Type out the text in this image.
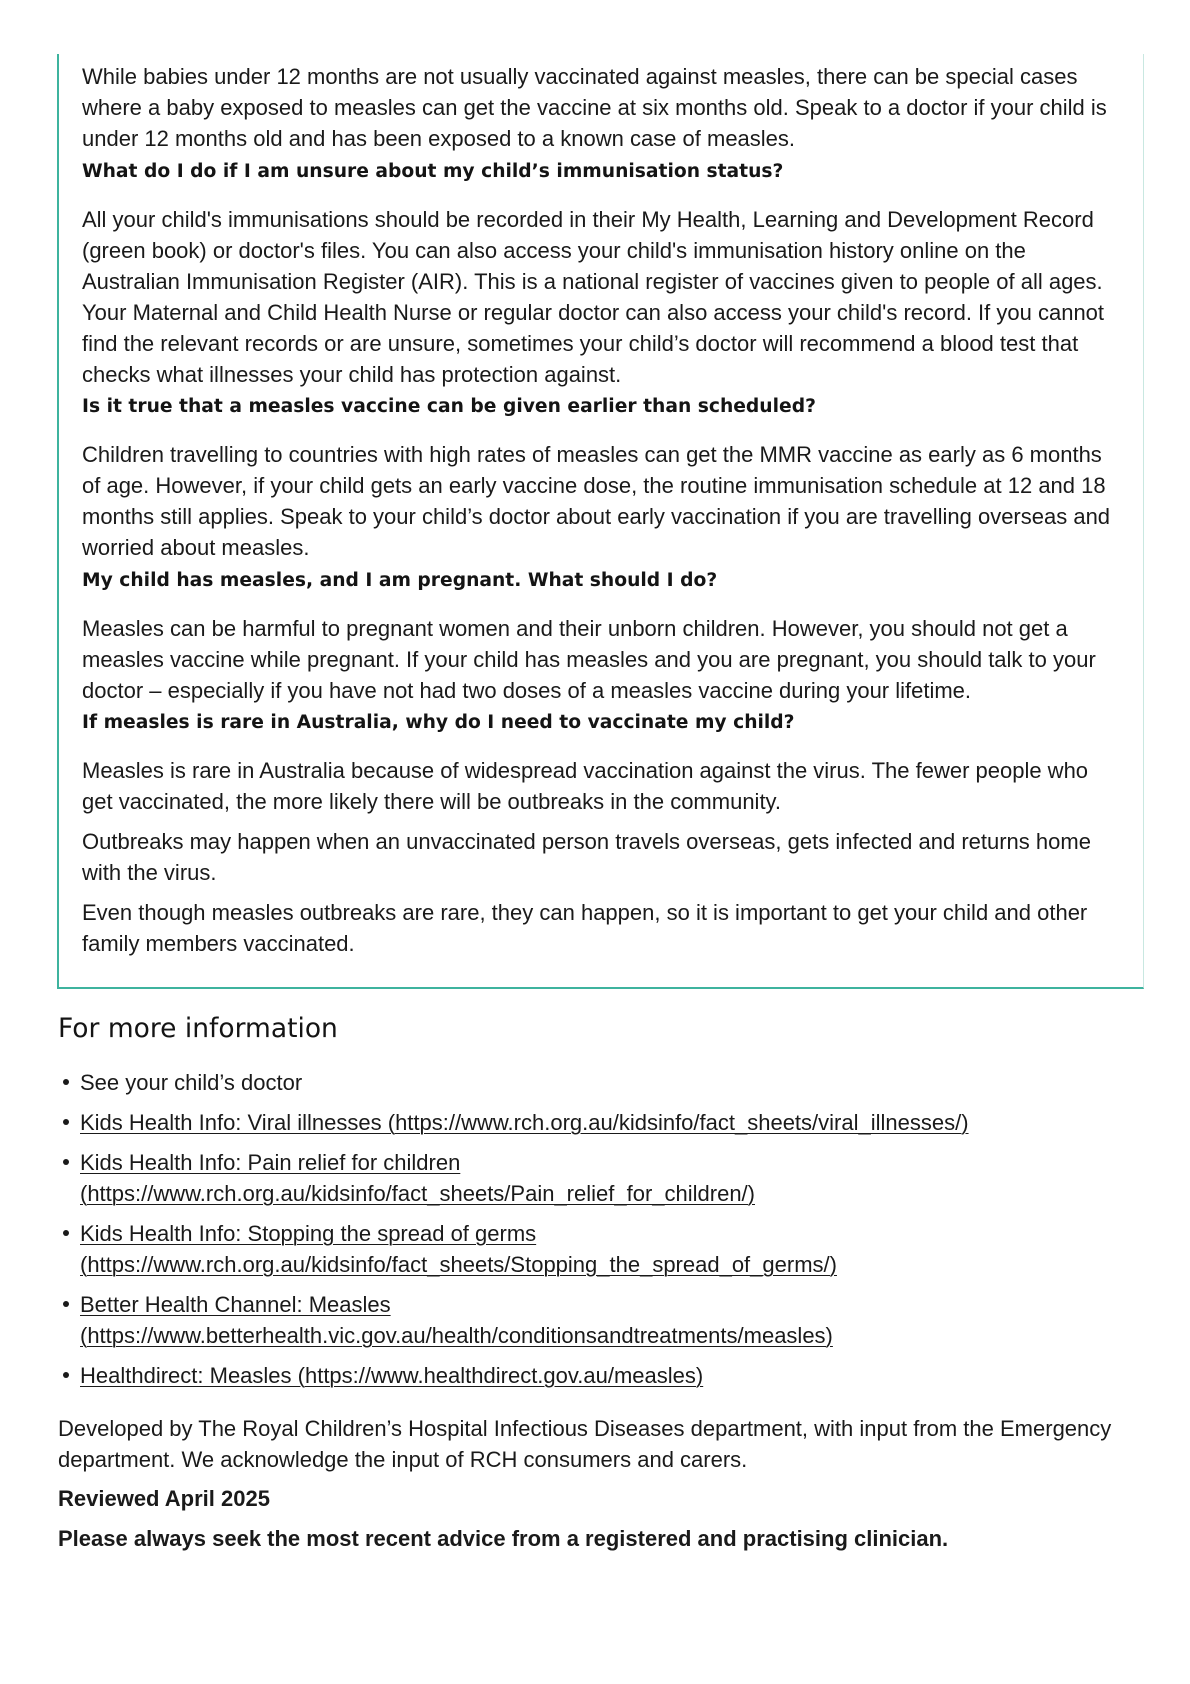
While babies under 12 months are not usually vaccinated against measles, there can be special cases
where a baby exposed to measles can get the vaccine at six months old. Speak to a doctor if your child is
under 12 months old and has been exposed to a known case of measles.

What do I do if I am unsure about my child’s immunisation status?

All your child's immunisations should be recorded in their My Health, Learning and Development Record
(green book) or doctor's files. You can also access your child's immunisation history online on the
Australian Immunisation Register (AIR). This is a national register of vaccines given to people of all ages.
Your Maternal and Child Health Nurse or regular doctor can also access your child's record. If you cannot
find the relevant records or are unsure, sometimes your child’s doctor will recommend a blood test that
checks what illnesses your child has protection against.

Is it true that a measles vaccine can be given earlier than scheduled?

Children travelling to countries with high rates of measles can get the MMR vaccine as early as 6 months
of age. However, if your child gets an early vaccine dose, the routine immunisation schedule at 12 and 18
months still applies. Speak to your child’s doctor about early vaccination if you are travelling overseas and
worried about measles.

My child has measles, and I am pregnant. What should I do?

Measles can be harmful to pregnant women and their unborn children. However, you should not get a
measles vaccine while pregnant. If your child has measles and you are pregnant, you should talk to your
doctor – especially if you have not had two doses of a measles vaccine during your lifetime.

If measles is rare in Australia, why do I need to vaccinate my child?

Measles is rare in Australia because of widespread vaccination against the virus. The fewer people who
get vaccinated, the more likely there will be outbreaks in the community.

Outbreaks may happen when an unvaccinated person travels overseas, gets infected and returns home
with the virus.

Even though measles outbreaks are rare, they can happen, so it is important to get your child and other
family members vaccinated.

For more information
See your child’s doctor
Kids Health Info: Viral illnesses (https://www.rch.org.au/kidsinfo/fact_sheets/viral_illnesses/)
Kids Health Info: Pain relief for children
(https://www.rch.org.au/kidsinfo/fact_sheets/Pain_relief_for_children/)
Kids Health Info: Stopping the spread of germs
(https://www.rch.org.au/kidsinfo/fact_sheets/Stopping_the_spread_of_germs/)
Better Health Channel: Measles
(https://www.betterhealth.vic.gov.au/health/conditionsandtreatments/measles)
Healthdirect: Measles (https://www.healthdirect.gov.au/measles)

Developed by The Royal Children’s Hospital Infectious Diseases department, with input from the Emergency
department. We acknowledge the input of RCH consumers and carers.

Reviewed April 2025

Please always seek the most recent advice from a registered and practising clinician.
